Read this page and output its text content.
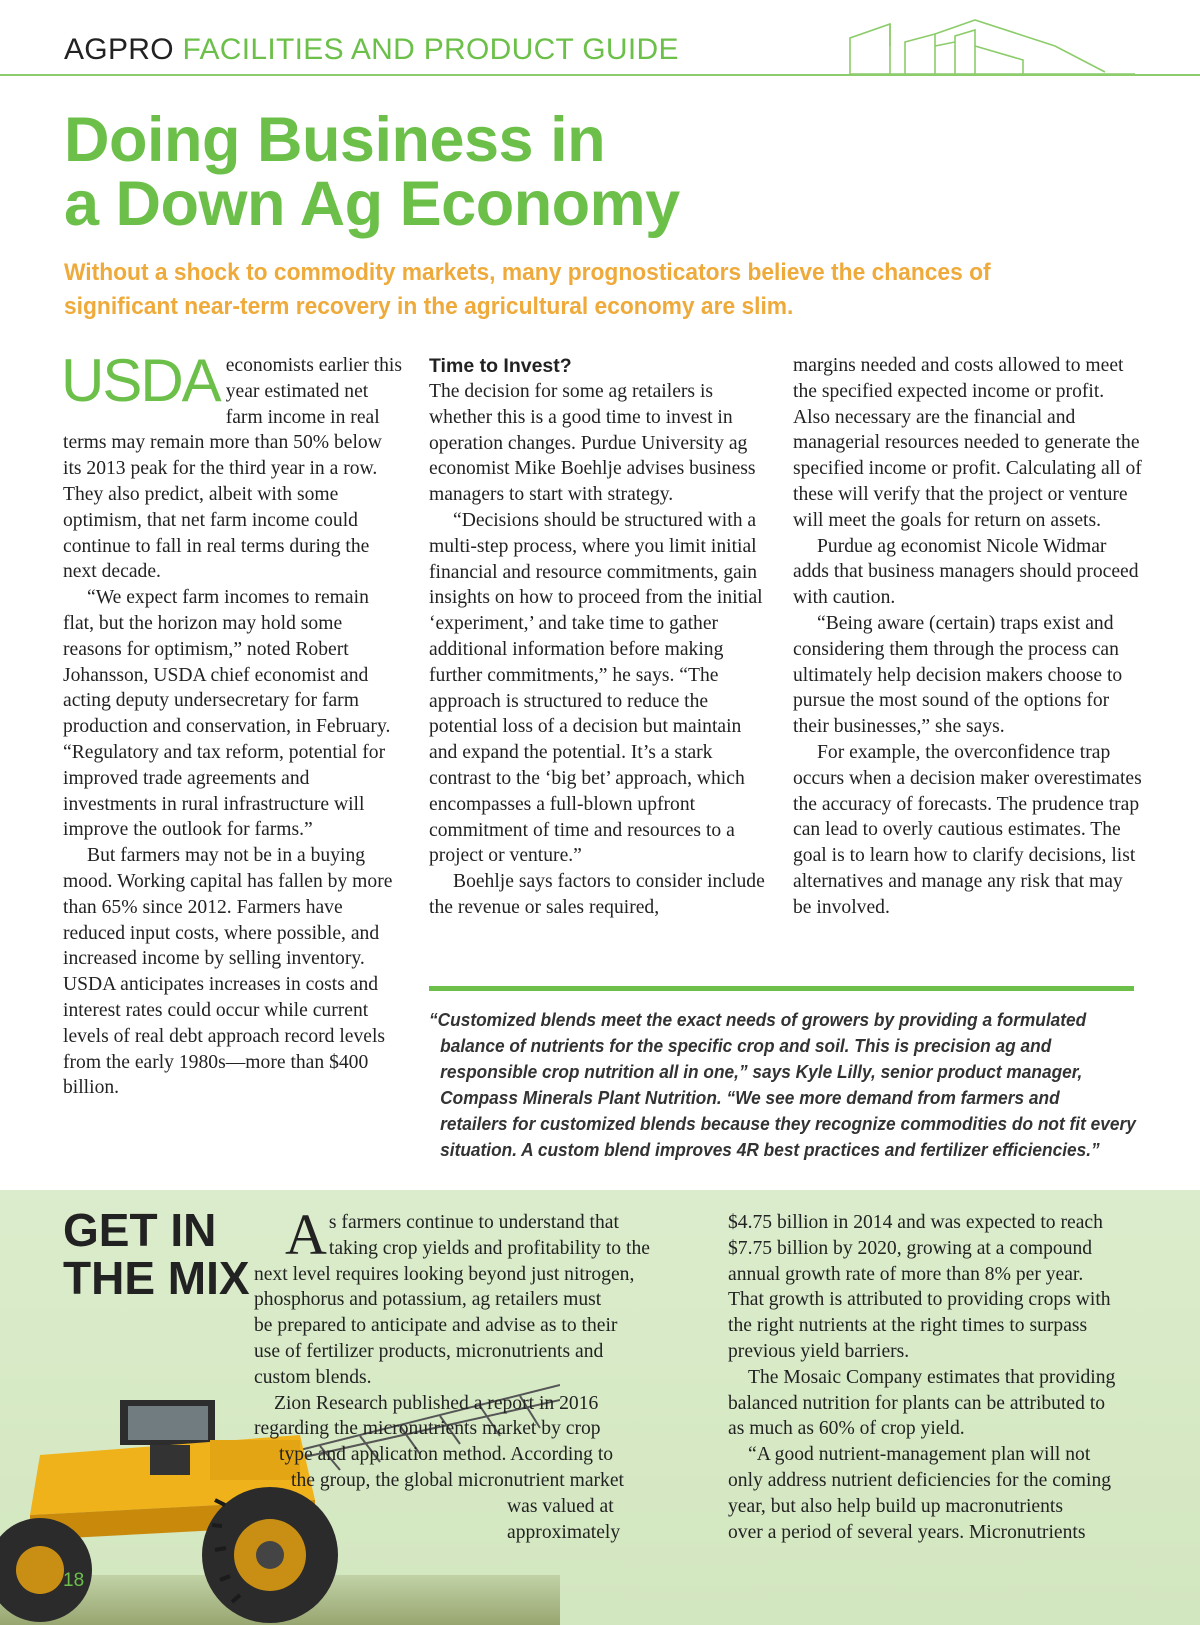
AGPRO FACILITIES AND PRODUCT GUIDE
Doing Business in
a Down Ag Economy
Without a shock to commodity markets, many prognosticators believe the chances of significant near-term recovery in the agricultural economy are slim.

USDA economists earlier this year estimated net farm income in real terms may remain more than 50% below its 2013 peak for the third year in a row. They also predict, albeit with some optimism, that net farm income could continue to fall in real terms during the next decade.

“We expect farm incomes to remain flat, but the horizon may hold some reasons for optimism,” noted Robert Johansson, USDA chief economist and acting deputy undersecretary for farm production and conservation, in February. “Regulatory and tax reform, potential for improved trade agreements and investments in rural infrastructure will improve the outlook for farms.”

But farmers may not be in a buying mood. Working capital has fallen by more than 65% since 2012. Farmers have reduced input costs, where possible, and increased income by selling inventory. USDA anticipates increases in costs and interest rates could occur while current levels of real debt approach record levels from the early 1980s—more than $400 billion.

Time to Invest?

The decision for some ag retailers is whether this is a good time to invest in operation changes. Purdue University ag economist Mike Boehlje advises business managers to start with strategy.

“Decisions should be structured with a multi-step process, where you limit initial financial and resource commitments, gain insights on how to proceed from the initial ‘experiment,’ and take time to gather additional information before making further commitments,” he says. “The approach is structured to reduce the potential loss of a decision but maintain and expand the potential. It’s a stark contrast to the ‘big bet’ approach, which encompasses a full-blown upfront commitment of time and resources to a project or venture.”

Boehlje says factors to consider include the revenue or sales required,

margins needed and costs allowed to meet the specified expected income or profit. Also necessary are the financial and managerial resources needed to generate the specified income or profit. Calculating all of these will verify that the project or venture will meet the goals for return on assets.

Purdue ag economist Nicole Widmar adds that business managers should proceed with caution.

“Being aware (certain) traps exist and considering them through the process can ultimately help decision makers choose to pursue the most sound of the options for their businesses,” she says.

For example, the overconfidence trap occurs when a decision maker overestimates the accuracy of forecasts. The prudence trap can lead to overly cautious estimates. The goal is to learn how to clarify decisions, list alternatives and manage any risk that may be involved.

“Customized blends meet the exact needs of growers by providing a formulated
balance of nutrients for the specific crop and soil. This is precision ag and
responsible crop nutrition all in one,” says Kyle Lilly, senior product manager,
Compass Minerals Plant Nutrition. “We see more demand from farmers and
retailers for customized blends because they recognize commodities do not fit every
situation. A custom blend improves 4R best practices and fertilizer efficiencies.”
GET IN
THE MIX
A s farmers continue to understand that
taking crop yields and profitability to the
next level requires looking beyond just nitrogen,
phosphorus and potassium, ag retailers must
be prepared to anticipate and advise as to their
use of fertilizer products, micronutrients and
custom blends.
Zion Research published a report in 2016
regarding the micronutrients market by crop
type and application method. According to
the group, the global micronutrient market
was valued at
approximately
$4.75 billion in 2014 and was expected to reach
$7.75 billion by 2020, growing at a compound
annual growth rate of more than 8% per year.
That growth is attributed to providing crops with
the right nutrients at the right times to surpass
previous yield barriers.
The Mosaic Company estimates that providing
balanced nutrition for plants can be attributed to
as much as 60% of crop yield.
“A good nutrient-management plan will not
only address nutrient deficiencies for the coming
year, but also help build up macronutrients
over a period of several years. Micronutrients
18
